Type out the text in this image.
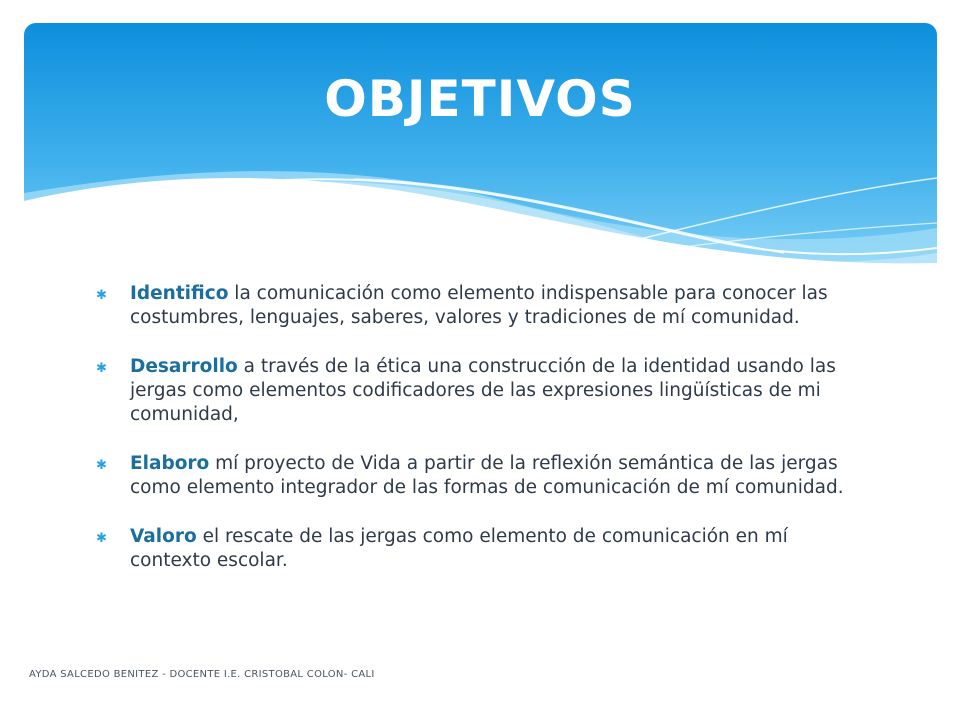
OBJETIVOS
✱ Identifico la comunicación como elemento indispensable para conocer las costumbres, lenguajes, saberes, valores y tradiciones de mí comunidad.
✱ Desarrollo a través de la ética una construcción de la identidad usando las jergas como elementos codificadores de las expresiones lingüísticas de mi comunidad,
✱ Elaboro mí proyecto de Vida a partir de la reflexión semántica de las jergas como elemento integrador de las formas de comunicación de mí comunidad.
✱ Valoro el rescate de las jergas como elemento de comunicación en mí contexto escolar.
AYDA SALCEDO BENITEZ - DOCENTE I.E. CRISTOBAL COLON- CALI
